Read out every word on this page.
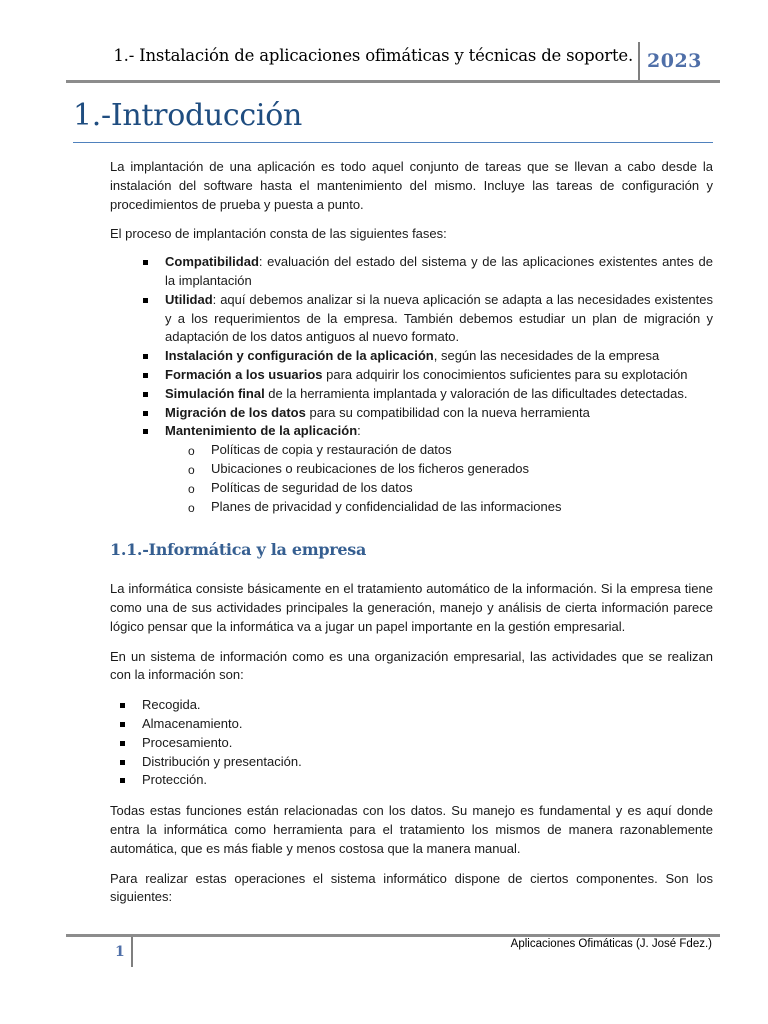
1.- Instalación de aplicaciones ofimáticas y técnicas de soporte. 2023
1.-Introducción

La implantación de una aplicación es todo aquel conjunto de tareas que se llevan a cabo desde la instalación del software hasta el mantenimiento del mismo. Incluye las tareas de configuración y procedimientos de prueba y puesta a punto.

El proceso de implantación consta de las siguientes fases:

Compatibilidad: evaluación del estado del sistema y de las aplicaciones existentes antes de la implantación
Utilidad: aquí debemos analizar si la nueva aplicación se adapta a las necesidades existentes y a los requerimientos de la empresa. También debemos estudiar un plan de migración y adaptación de los datos antiguos al nuevo formato.
Instalación y configuración de la aplicación, según las necesidades de la empresa
Formación a los usuarios para adquirir los conocimientos suficientes para su explotación
Simulación final de la herramienta implantada y valoración de las dificultades detectadas.
Migración de los datos para su compatibilidad con la nueva herramienta
Mantenimiento de la aplicación:
o Políticas de copia y restauración de datos
o Ubicaciones o reubicaciones de los ficheros generados
o Políticas de seguridad de los datos
o Planes de privacidad y confidencialidad de las informaciones
1.1.-Informática y la empresa

La informática consiste básicamente en el tratamiento automático de la información. Si la empresa tiene como una de sus actividades principales la generación, manejo y análisis de cierta información parece lógico pensar que la informática va a jugar un papel importante en la gestión empresarial.

En un sistema de información como es una organización empresarial, las actividades que se realizan con la información son:

Recogida.
Almacenamiento.
Procesamiento.
Distribución y presentación.
Protección.

Todas estas funciones están relacionadas con los datos. Su manejo es fundamental y es aquí donde entra la informática como herramienta para el tratamiento los mismos de manera razonablemente automática, que es más fiable y menos costosa que la manera manual.

Para realizar estas operaciones el sistema informático dispone de ciertos componentes. Son los siguientes:

1	Aplicaciones Ofimáticas (J. José Fdez.)
